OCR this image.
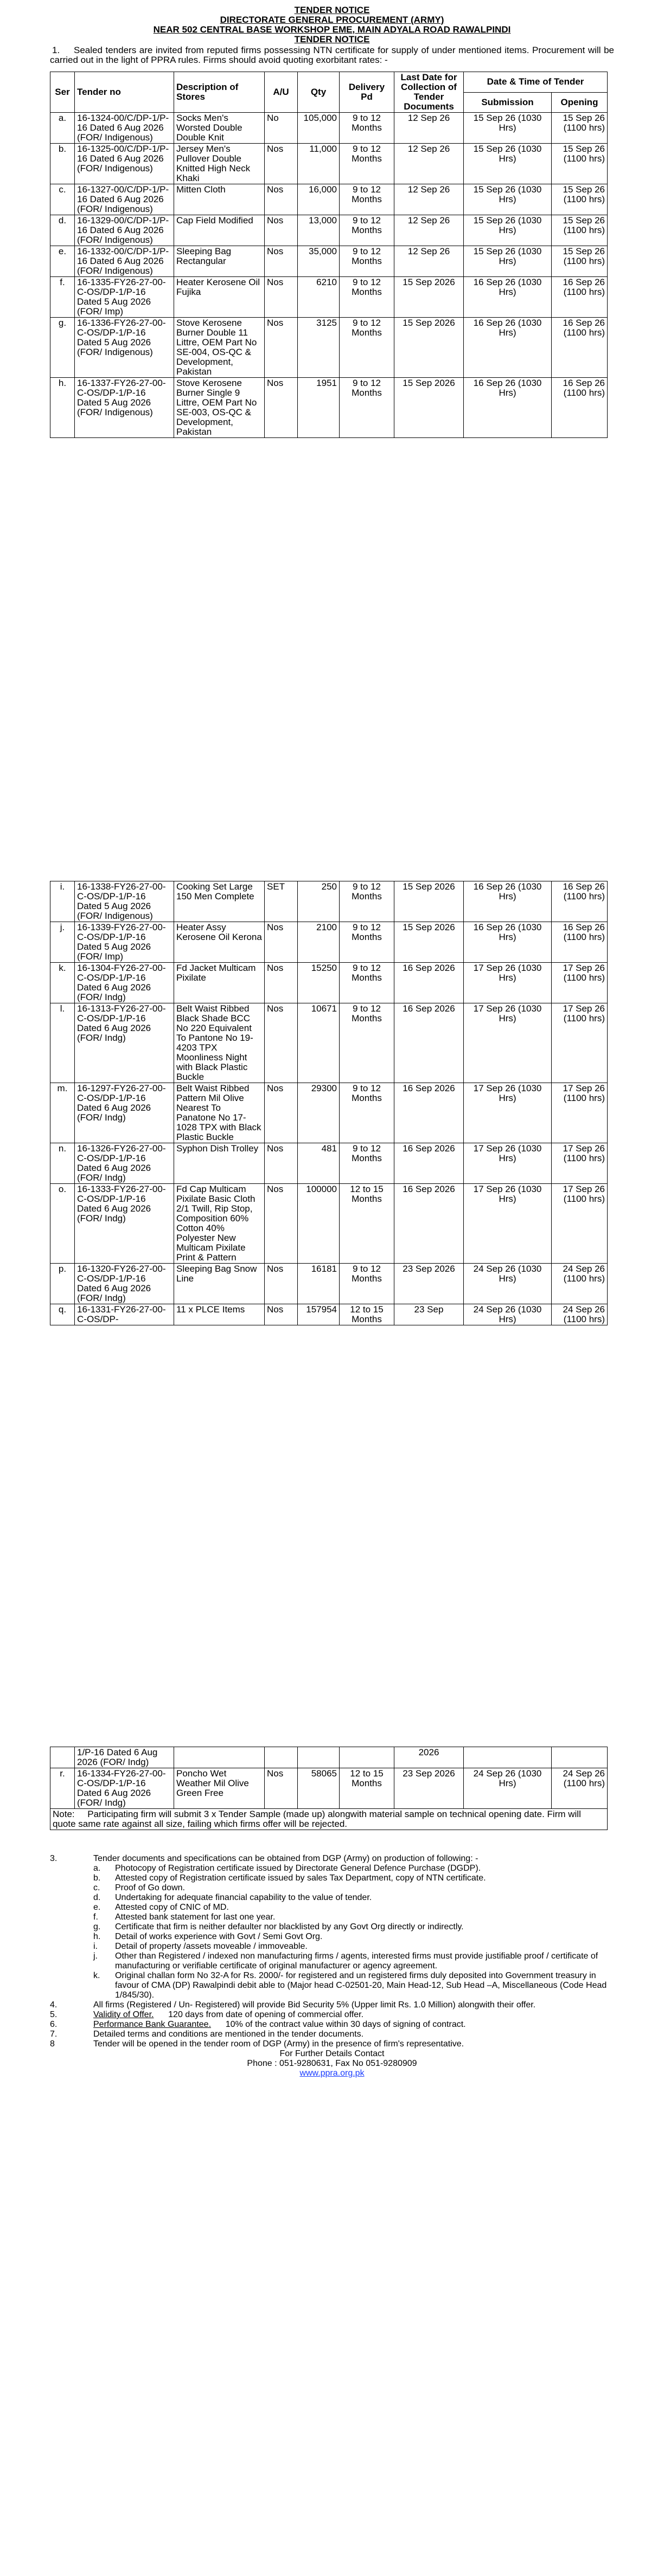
TENDER NOTICE
DIRECTORATE GENERAL PROCUREMENT (ARMY)
NEAR 502 CENTRAL BASE WORKSHOP EME, MAIN ADYALA ROAD RAWALPINDI
TENDER NOTICE
1. Sealed tenders are invited from reputed firms possessing NTN certificate for supply of under mentioned items. Procurement will be carried out in the light of PPRA rules. Firms should avoid quoting exorbitant rates: -
Ser	Tender no	Description of Stores	A/U	Qty	Delivery Pd	Last Date for Collection of Tender Documents	Date & Time of Tender	
							Submission	Opening
a.	16-1324-00/C/DP-1/P-16 Dated 6 Aug 2026 (FOR/ Indigenous)	Socks Men's Worsted Double Double Knit	No	105,000	9 to 12 Months	12 Sep 26	15 Sep 26 (1030 Hrs)	15 Sep 26 (1100 hrs)
b.	16-1325-00/C/DP-1/P-16 Dated 6 Aug 2026 (FOR/ Indigenous)	Jersey Men's Pullover Double Knitted High Neck Khaki	Nos	11,000	9 to 12 Months	12 Sep 26	15 Sep 26 (1030 Hrs)	15 Sep 26 (1100 hrs)
c.	16-1327-00/C/DP-1/P-16 Dated 6 Aug 2026 (FOR/ Indigenous)	Mitten Cloth	Nos	16,000	9 to 12 Months	12 Sep 26	15 Sep 26 (1030 Hrs)	15 Sep 26 (1100 hrs)
d.	16-1329-00/C/DP-1/P-16 Dated 6 Aug 2026 (FOR/ Indigenous)	Cap Field Modified	Nos	13,000	9 to 12 Months	12 Sep 26	15 Sep 26 (1030 Hrs)	15 Sep 26 (1100 hrs)
e.	16-1332-00/C/DP-1/P-16 Dated 6 Aug 2026 (FOR/ Indigenous)	Sleeping Bag Rectangular	Nos	35,000	9 to 12 Months	12 Sep 26	15 Sep 26 (1030 Hrs)	15 Sep 26 (1100 hrs)
f.	16-1335-FY26-27-00-C-OS/DP-1/P-16 Dated 5 Aug 2026 (FOR/ Imp)	Heater Kerosene Oil Fujika	Nos	6210	9 to 12 Months	15 Sep 2026	16 Sep 26 (1030 Hrs)	16 Sep 26 (1100 hrs)
g.	16-1336-FY26-27-00-C-OS/DP-1/P-16 Dated 5 Aug 2026 (FOR/ Indigenous)	Stove Kerosene Burner Double 11 Littre, OEM Part No SE-004, OS-QC & Development, Pakistan	Nos	3125	9 to 12 Months	15 Sep 2026	16 Sep 26 (1030 Hrs)	16 Sep 26 (1100 hrs)
h.	16-1337-FY26-27-00-C-OS/DP-1/P-16 Dated 5 Aug 2026 (FOR/ Indigenous)	Stove Kerosene Burner Single 9 Littre, OEM Part No SE-003, OS-QC & Development, Pakistan	Nos	1951	9 to 12 Months	15 Sep 2026	16 Sep 26 (1030 Hrs)	16 Sep 26 (1100 hrs)
i.	16-1338-FY26-27-00-C-OS/DP-1/P-16 Dated 5 Aug 2026 (FOR/ Indigenous)	Cooking Set Large 150 Men Complete	SET	250	9 to 12 Months	15 Sep 2026	16 Sep 26 (1030 Hrs)	16 Sep 26 (1100 hrs)
j.	16-1339-FY26-27-00-C-OS/DP-1/P-16 Dated 5 Aug 2026 (FOR/ Imp)	Heater Assy Kerosene Oil Kerona	Nos	2100	9 to 12 Months	15 Sep 2026	16 Sep 26 (1030 Hrs)	16 Sep 26 (1100 hrs)
k.	16-1304-FY26-27-00-C-OS/DP-1/P-16 Dated 6 Aug 2026 (FOR/ Indg)	Fd Jacket Multicam Pixilate	Nos	15250	9 to 12 Months	16 Sep 2026	17 Sep 26 (1030 Hrs)	17 Sep 26 (1100 hrs)
l.	16-1313-FY26-27-00-C-OS/DP-1/P-16 Dated 6 Aug 2026 (FOR/ Indg)	Belt Waist Ribbed Black Shade BCC No 220 Equivalent To Pantone No 19-4203 TPX Moonliness Night with Black Plastic Buckle	Nos	10671	9 to 12 Months	16 Sep 2026	17 Sep 26 (1030 Hrs)	17 Sep 26 (1100 hrs)
m.	16-1297-FY26-27-00-C-OS/DP-1/P-16 Dated 6 Aug 2026 (FOR/ Indg)	Belt Waist Ribbed Pattern Mil Olive Nearest To Panatone No 17-1028 TPX with Black Plastic Buckle	Nos	29300	9 to 12 Months	16 Sep 2026	17 Sep 26 (1030 Hrs)	17 Sep 26 (1100 hrs)
n.	16-1326-FY26-27-00-C-OS/DP-1/P-16 Dated 6 Aug 2026 (FOR/ Indg)	Syphon Dish Trolley	Nos	481	9 to 12 Months	16 Sep 2026	17 Sep 26 (1030 Hrs)	17 Sep 26 (1100 hrs)
o.	16-1333-FY26-27-00-C-OS/DP-1/P-16 Dated 6 Aug 2026 (FOR/ Indg)	Fd Cap Multicam Pixilate Basic Cloth 2/1 Twill, Rip Stop, Composition 60% Cotton 40% Polyester New Multicam Pixilate Print & Pattern	Nos	100000	12 to 15 Months	16 Sep 2026	17 Sep 26 (1030 Hrs)	17 Sep 26 (1100 hrs)
p.	16-1320-FY26-27-00-C-OS/DP-1/P-16 Dated 6 Aug 2026 (FOR/ Indg)	Sleeping Bag Snow Line	Nos	16181	9 to 12 Months	23 Sep 2026	24 Sep 26 (1030 Hrs)	24 Sep 26 (1100 hrs)
q.	16-1331-FY26-27-00-C-OS/DP-	11 x PLCE Items	Nos	157954	12 to 15 Months	23 Sep	24 Sep 26 (1030 Hrs)	24 Sep 26 (1100 hrs)
	1/P-16 Dated 6 Aug 2026 (FOR/ Indg)					2026		
r.	16-1334-FY26-27-00-C-OS/DP-1/P-16 Dated 6 Aug 2026 (FOR/ Indg)	Poncho Wet Weather Mil Olive Green Free	Nos	58065	12 to 15 Months	23 Sep 2026	24 Sep 26 (1030 Hrs)	24 Sep 26 (1100 hrs)
Note: Participating firm will submit 3 x Tender Sample (made up) alongwith material sample on technical opening date. Firm will quote same rate against all size, failing which firms offer will be rejected.								
3.	Tender documents and specifications can be obtained from DGP (Army) on production of following: -
a.	Photocopy of Registration certificate issued by Directorate General Defence Purchase (DGDP).
b.	Attested copy of Registration certificate issued by sales Tax Department, copy of NTN certificate.
c.	Proof of Go down.
d.	Undertaking for adequate financial capability to the value of tender.
e.	Attested copy of CNIC of MD.
f.	Attested bank statement for last one year.
g.	Certificate that firm is neither defaulter nor blacklisted by any Govt Org directly or indirectly.
h.	Detail of works experience with Govt / Semi Govt Org.
i.	Detail of property /assets moveable / immoveable.
j.	Other than Registered / indexed non manufacturing firms / agents, interested firms must provide justifiable proof / certificate of manufacturing or verifiable certificate of original manufacturer or agency agreement.
k.	Original challan form No 32-A for Rs. 2000/- for registered and un registered firms duly deposited into Government treasury in favour of CMA (DP) Rawalpindi debit able to (Major head C-02501-20, Main Head-12, Sub Head –A, Miscellaneous (Code Head 1/845/30).
4.	All firms (Registered / Un- Registered) will provide Bid Security 5% (Upper limit Rs. 1.0 Million) alongwith their offer.
5.	Validity of Offer. 120 days from date of opening of commercial offer.
6.	Performance Bank Guarantee. 10% of the contract value within 30 days of signing of contract.
7.	Detailed terms and conditions are mentioned in the tender documents.
8	Tender will be opened in the tender room of DGP (Army) in the presence of firm's representative.
For Further Details Contact
Phone : 051-9280631, Fax No 051-9280909
www.ppra.org.pk
